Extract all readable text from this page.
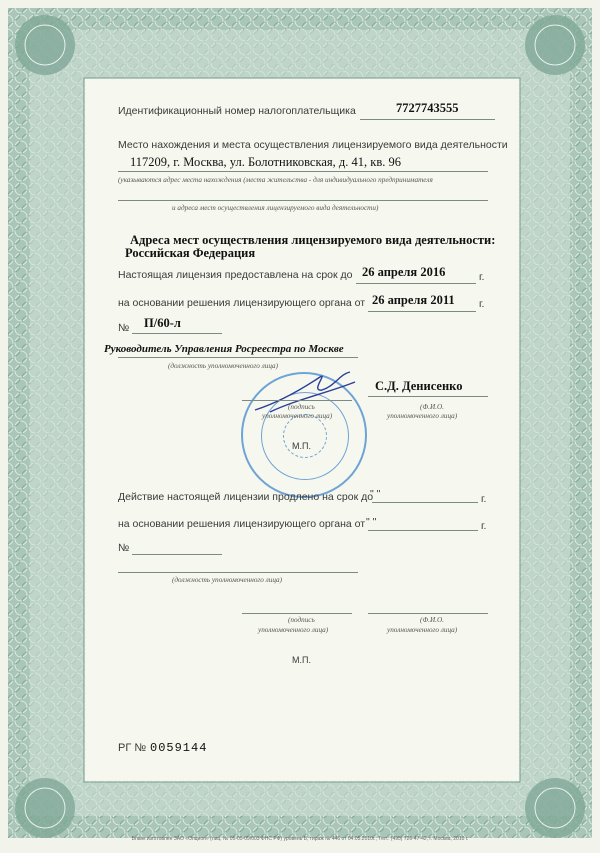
Идентификационный номер налогоплательщика	7727743555
Место нахождения и места осуществления лицензируемого вида деятельности
117209, г. Москва, ул. Болотниковская, д. 41, кв. 96
(указываются адрес места нахождения (места жительства - для индивидуального предпринимателя
и адреса мест осуществления лицензируемого вида деятельности)
Адреса мест осуществления лицензируемого вида деятельности:
Российская Федерация
Настоящая лицензия предоставлена на срок до 26 апреля 2016	г.
на основании решения лицензирующего органа от 26 апреля 2011 г.
№ П/60-л
Руководитель Управления Росреестра по Москве
(должность уполномоченного лица)
(подпись
уполномоченного лица)
С.Д. Денисенко
(Ф.И.О.
уполномоченного лица)
М.П.
Действие настоящей лицензии продлено на срок до
" "	г.
на основании решения лицензирующего органа от " "	г.
№
(должность уполномоченного лица)
(подпись
уполномоченного лица)
(Ф.И.О.
уполномоченного лица)
М.П.
РГ № 0059144
Бланк изготовлен ЗАО «Опцион» (лиц. № 05-05-09/003 ФНС РФ) уровень Б, тираж № 446 от 04.05.2010г., Тел.: (495) 726-47-42, г. Москва, 2010 г.
